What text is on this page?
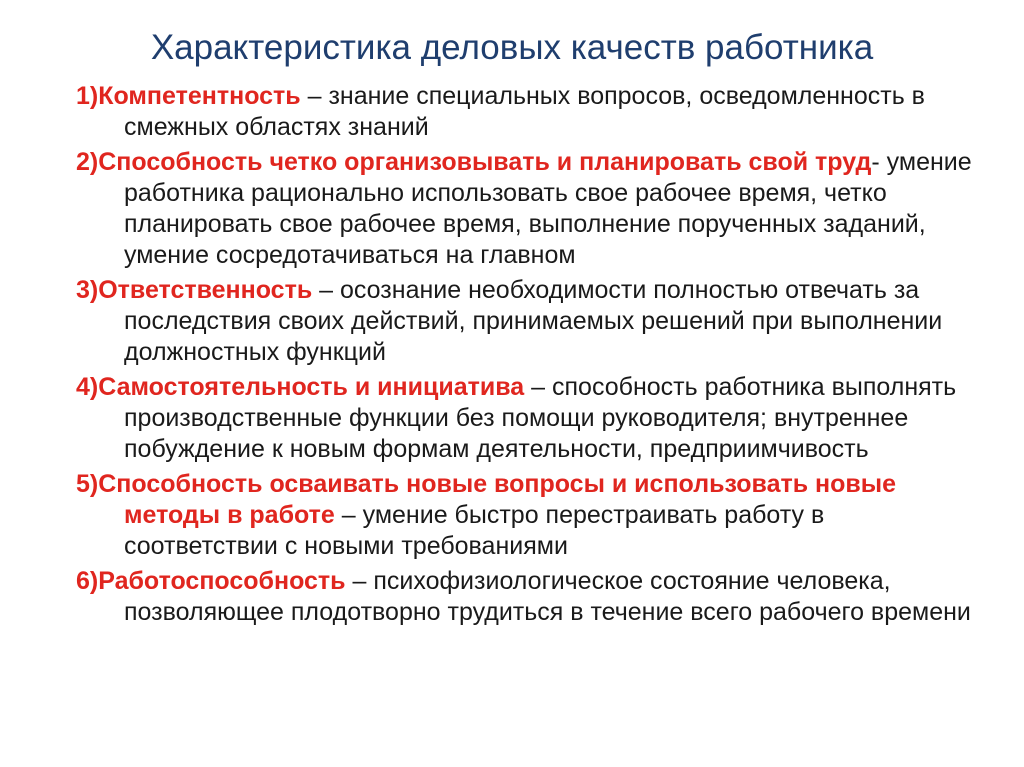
Характеристика деловых качеств работника
1)Компетентность – знание специальных вопросов, осведомленность в смежных областях знаний
2)Способность четко организовывать и планировать свой труд- умение работника рационально использовать свое рабочее время, четко планировать свое рабочее время, выполнение порученных заданий, умение сосредотачиваться на главном
3)Ответственность – осознание необходимости полностью отвечать за последствия своих действий, принимаемых решений при выполнении должностных функций
4)Самостоятельность и инициатива – способность работника выполнять производственные функции без помощи руководителя; внутреннее побуждение к новым формам деятельности, предприимчивость
5)Способность осваивать новые вопросы и использовать новые методы в работе – умение быстро перестраивать работу в соответствии с новыми требованиями
6)Работоспособность – психофизиологическое состояние человека, позволяющее плодотворно трудиться в течение всего рабочего времени
